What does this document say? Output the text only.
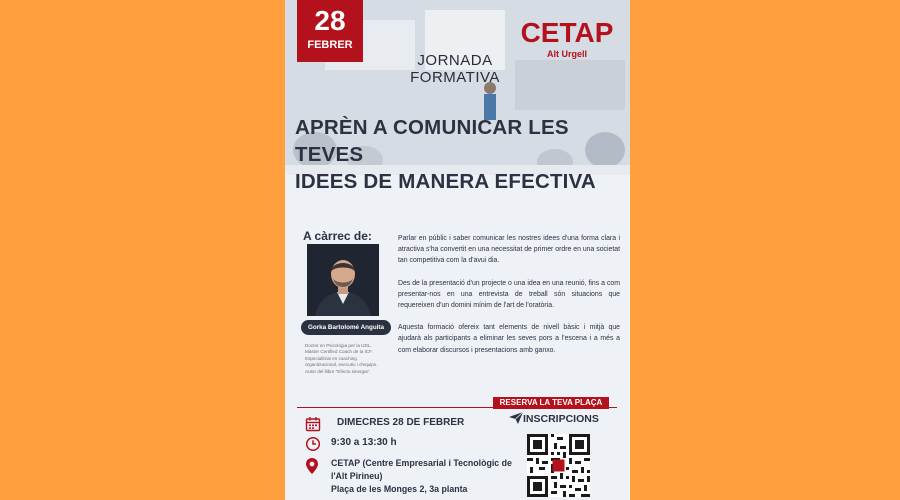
28
FEBRER	CETAP
Alt Urgell
JORNADA
FORMATIVA
APRÈN A COMUNICAR LES TEVES
IDEES DE MANERA EFECTIVA
A càrrec de:
Gorka Bartolomé Anguita

Doctor en Psicologia per la UDL.
Màster Certified Coach de la ICF.
Especialitzat en coaching
organitzacional, executiu i d'equips.
Autor del llibre "Efecto sinergia".

Parlar en públic i saber comunicar les nostres idees d'una forma clara i atractiva s'ha convertit en una necessitat de primer ordre en una societat tan competitiva com la d'avui dia.

Des de la presentació d'un projecte o una idea en una reunió, fins a com presentar-nos en una entrevista de treball són situacions que requereixen d'un domini mínim de l'art de l'oratòria.

Aquesta formació ofereix tant elements de nivell bàsic i mitjà que ajudarà als participants a eliminar les seves pors a l'escena i a més a com elaborar discursos i presentacions amb ganxo.

RESERVA LA TEVA PLAÇA
DIMECRES 28 DE FEBRER
9:30 a 13:30 h
CETAP (Centre Empresarial i Tecnològic de
l'Alt Pirineu)
Plaça de les Monges 2, 3a planta
INSCRIPCIONS
